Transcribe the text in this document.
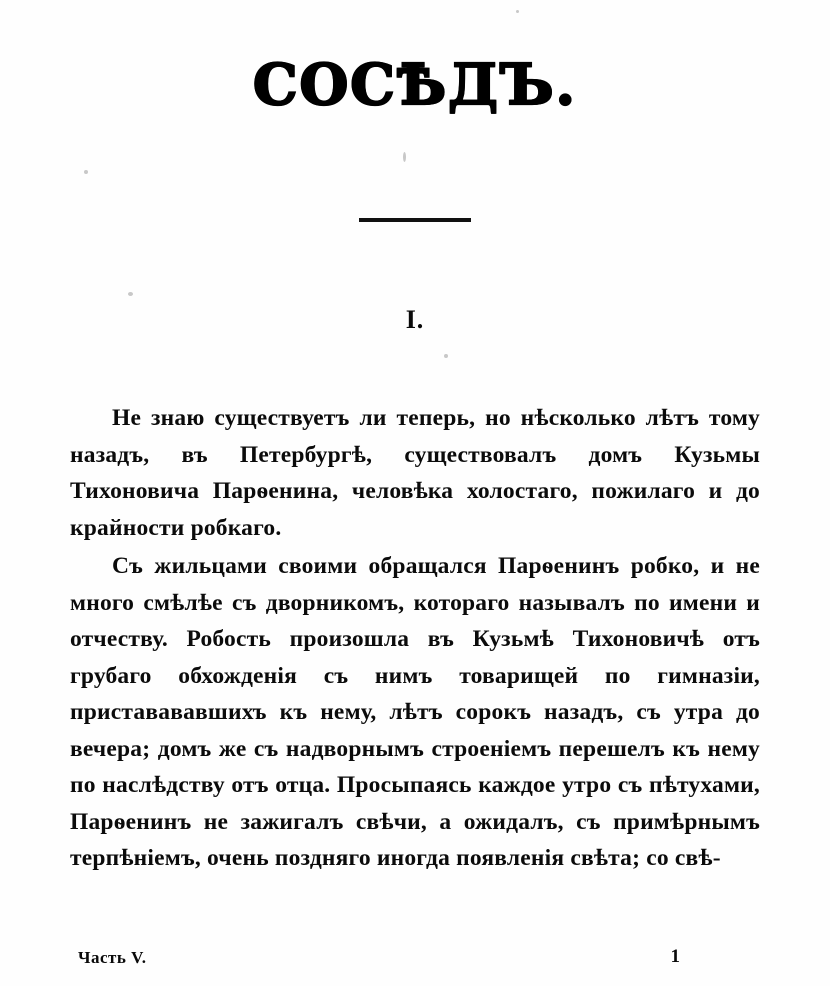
СОСѢДЪ.
I.

Не знаю существуетъ ли теперь, но нѣсколько лѣтъ тому назадъ, въ Петербургѣ, существовалъ домъ Кузьмы Тихоновича Парѳенина, человѣка холостаго, пожилаго и до крайности робкаго.

Съ жильцами своими обращался Парѳенинъ робко, и не много смѣлѣе съ дворникомъ, котораго называлъ по имени и отчеству. Робость произошла въ Кузьмѣ Тихоновичѣ отъ грубаго обхожденія съ нимъ товарищей по гимназіи, приставававшихъ къ нему, лѣтъ сорокъ назадъ, съ утра до вечера; домъ же съ надворнымъ строеніемъ перешелъ къ нему по наслѣдству отъ отца. Просыпаясь каждое утро съ пѣтухами, Парѳенинъ не зажигалъ свѣчи, а ожидалъ, съ примѣрнымъ терпѣніемъ, очень поздняго иногда появленія свѣта; со свѣ-

Часть V.	1
